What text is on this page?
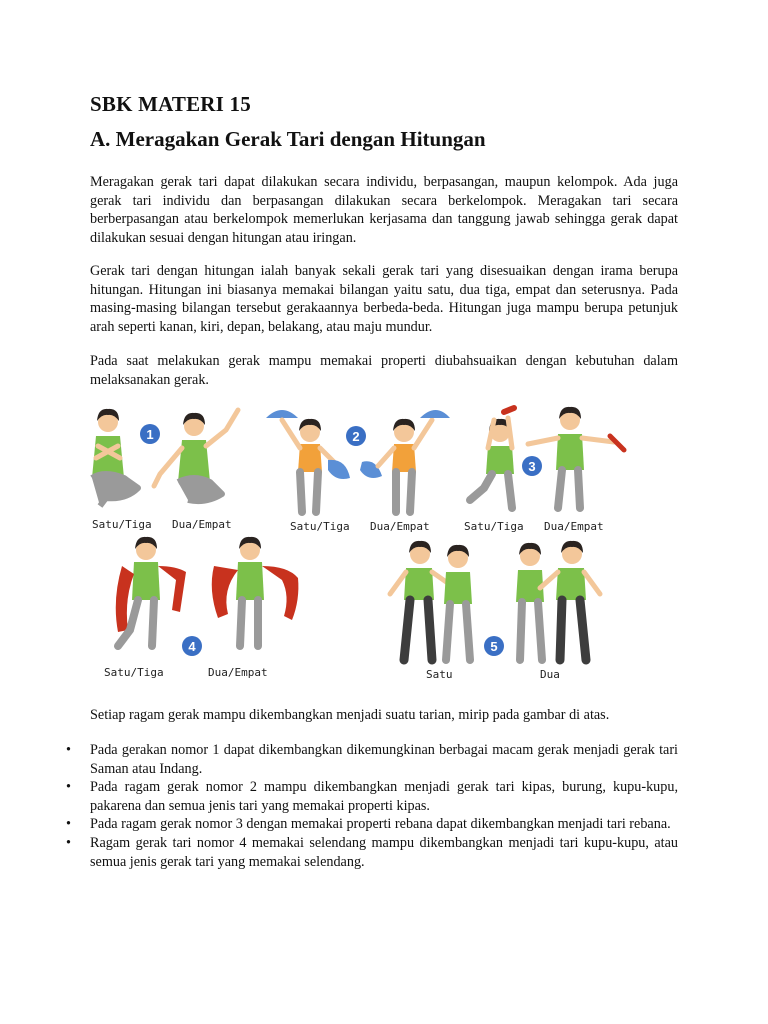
SBK MATERI 15
A. Meragakan Gerak Tari dengan Hitungan

Meragakan gerak tari dapat dilakukan secara individu, berpasangan, maupun kelompok. Ada juga gerak tari individu dan berpasangan dilakukan secara berkelompok. Meragakan tari secara berberpasangan atau berkelompok memerlukan kerjasama dan tanggung jawab sehingga gerak dapat dilakukan sesuai dengan hitungan atau iringan.

Gerak tari dengan hitungan ialah banyak sekali gerak tari yang disesuaikan dengan irama berupa hitungan. Hitungan ini biasanya memakai bilangan yaitu satu, dua tiga, empat dan seterusnya. Pada masing-masing bilangan tersebut gerakaannya berbeda-beda. Hitungan juga mampu berupa petunjuk arah seperti kanan, kiri, depan, belakang, atau maju mundur.

Pada saat melakukan gerak mampu memakai properti diubahsuaikan dengan kebutuhan dalam melaksanakan gerak.

Setiap ragam gerak mampu dikembangkan menjadi suatu tarian, mirip pada gambar di atas.

• Pada gerakan nomor 1 dapat dikembangkan dikemungkinan berbagai macam gerak menjadi gerak tari Saman atau Indang.
• Pada ragam gerak nomor 2 mampu dikembangkan menjadi gerak tari kipas, burung, kupu-kupu, pakarena dan semua jenis tari yang memakai properti kipas.
• Pada ragam gerak nomor 3 dengan memakai properti rebana dapat dikembangkan menjadi tari rebana.
• Ragam gerak tari nomor 4 memakai selendang mampu dikembangkan menjadi tari kupu-kupu, atau semua jenis gerak tari yang memakai selendang.
1	2
3
4	5
Satu/Tiga Dua/Empat	Satu/Tiga Dua/Empat	Satu/Tiga Dua/Empat
Satu/Tiga	Dua/Empat	Satu	Dua
